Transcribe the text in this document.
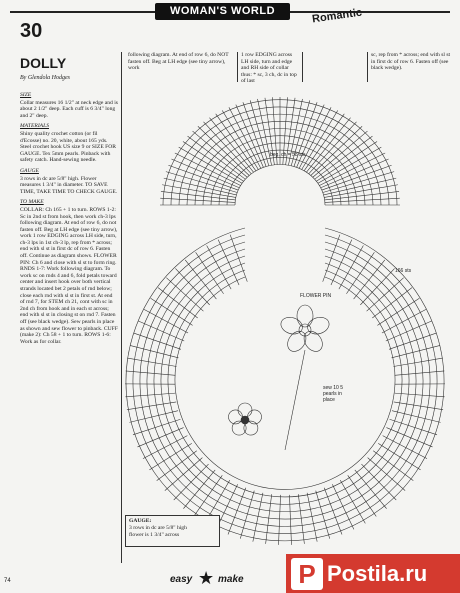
WOMAN'S WORLD	Romantic
30
DOLLY
By Glendola Hodges
SIZE

Collar measures 16 1/2" at neck edge and is about 2 1/2" deep. Each cuff is 6 3/4" long and 2" deep.

MATERIALS

Shiny quality crochet cotton (or fil d'Ecosse) no. 20, white, about 165 yds. Steel crochet hook US size 9 or SIZE FOR GAUGE. Tex 5mm pearls. Pinback with safety catch. Hand-sewing needle.

GAUGE

3 rows in dc are 5/8" high. Flower measures 1 3/4" in diameter. TO SAVE TIME, TAKE TIME TO CHECK GAUGE.

TO MAKE

COLLAR: Ch 165 + 1 to turn. ROWS 1-2: Sc in 2nd st from hook, then work ch-3 lps following diagram. At end of row 6, do not fasten off. Beg at LH edge (see tiny arrow), work 1 row EDGING across LH side, turn, ch-3 lps in 1st ch-3 lp, rep from * across; end with sl st in first dc of row 6. Fasten off. Continue as diagram shows. FLOWER PIN: Ch 6 and close with sl st to form ring. RNDS 1-7: Work following diagram. To work sc on rnds 4 and 6, fold petals toward center and insert hook over both vertical strands located bet 2 petals of rnd below; close each rnd with sl st in first st. At end of rnd 7, for STEM ch 21, cont with sc in 2nd ch from hook and in each st across; end with sl st in closing st on rnd 7. Fasten off (see black wedge). Sew pearls in place as shown and sew flower to pinback. CUFF (make 2): Ch 58 + 1 to turn. ROWS 1-6: Work as for collar.

following diagram. At end of row 6, do NOT fasten off. Beg at LH edge (see tiny arrow), work
1 row EDGING across LH side, turn and edge and RH side of collar thus: * sc, 3 ch, dc in top of last
sc, rep from * across; end with sl st in first dc of row 6. Fasten off (see black wedge).
beg. ch = 58 sts
166 sts
FLOWER PIN
sew 10 5 pearls in place
GAUGE:
3 rows in dc are 5/8" high
flower is 1 3/4" across
74	easy ★ make P Postila.ru
